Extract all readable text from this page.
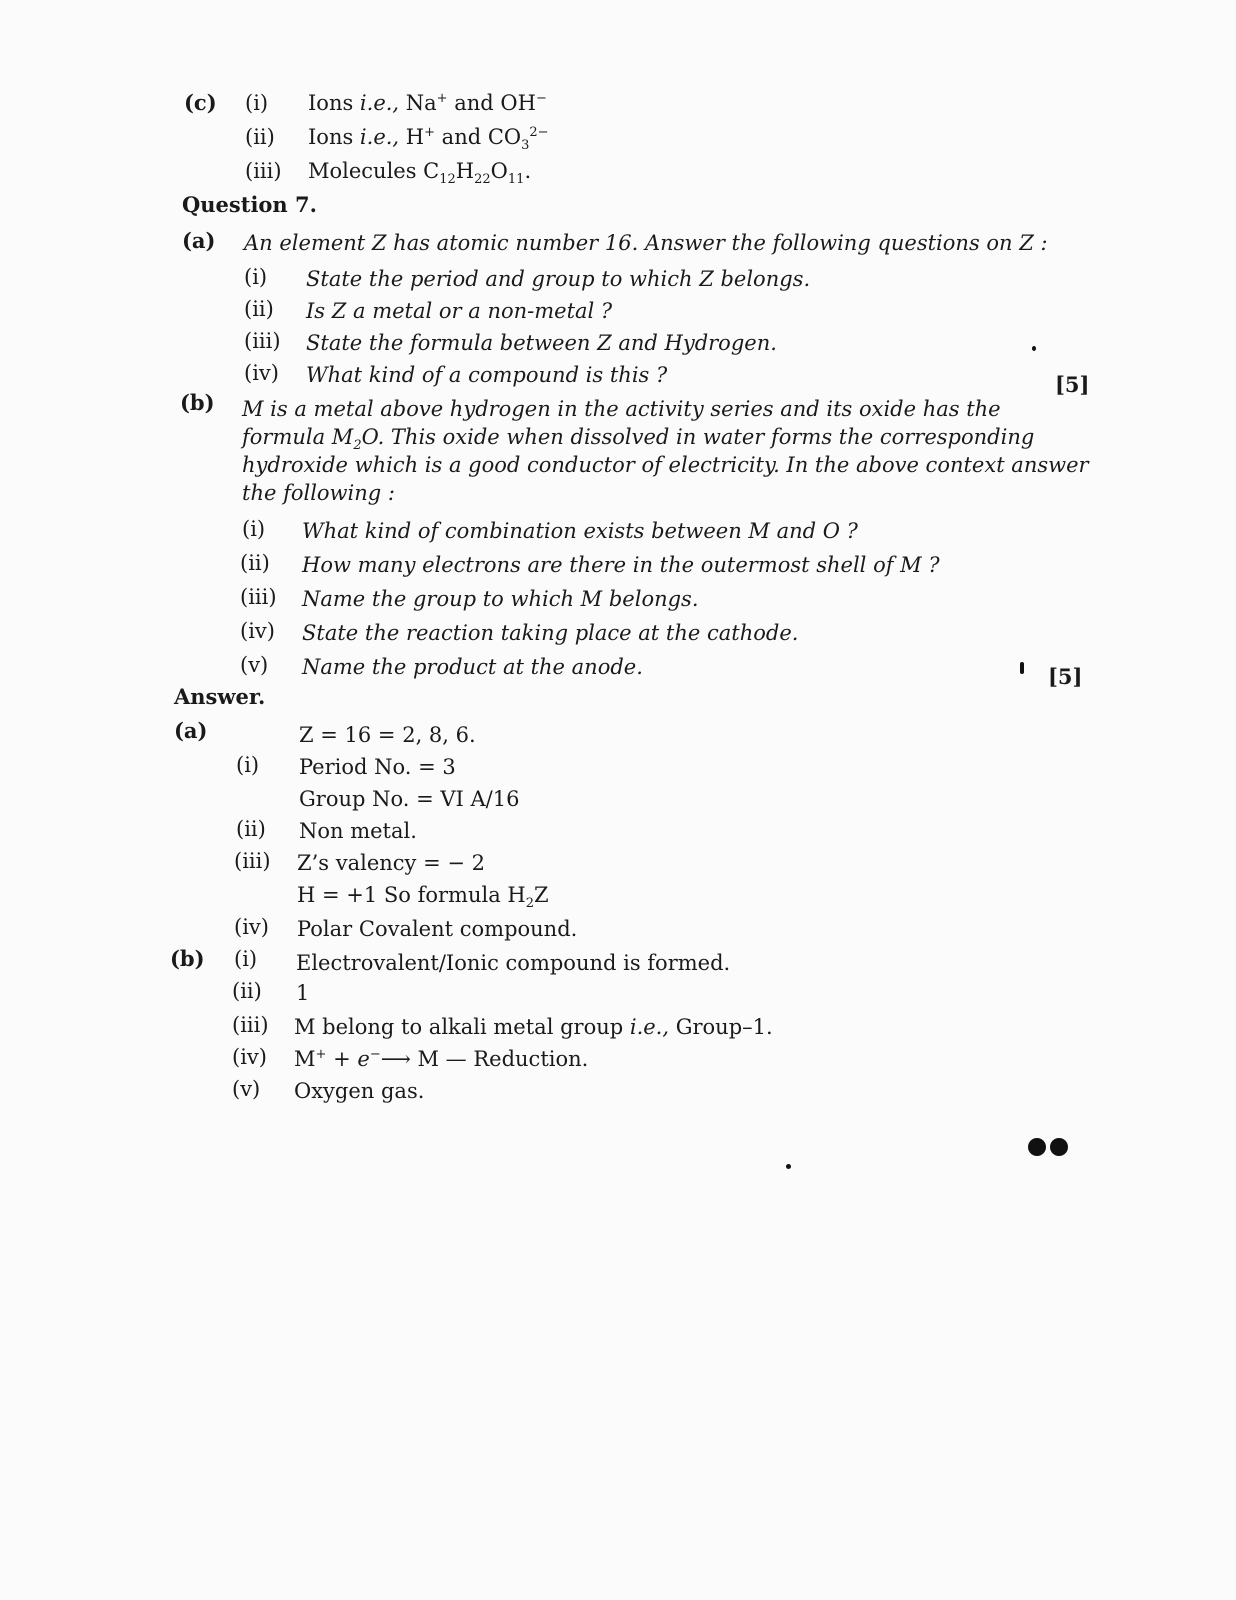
(c) (i) Ions i.e., Na+ and OH−
(ii) Ions i.e., H+ and $CO_3^{2-}$
(iii) Molecules $C_{12}H_{22}O_{11}$.
Question 7.
(a) An element Z has atomic number 16. Answer the following questions on Z :
(i) State the period and group to which Z belongs.
(ii) Is Z a metal or a non-metal ?
(iii) State the formula between Z and Hydrogen.
(iv) What kind of a compound is this ?	[5]
(b) M is a metal above hydrogen in the activity series and its oxide has the
formula $M_2O$. This oxide when dissolved in water forms the corresponding
hydroxide which is a good conductor of electricity. In the above context answer
the following :
(i) What kind of combination exists between M and O ?
(ii) How many electrons are there in the outermost shell of M ?
(iii) Name the group to which M belongs.
(iv) State the reaction taking place at the cathode.
(v) Name the product at the anode.	[5]
Answer.
(a)	Z = 16 = 2, 8, 6.
(i) Period No. = 3
Group No. = VI A/16
(ii) Non metal.
(iii) Z’s valency = − 2
H = +1 So formula $H_2Z$
(iv) Polar Covalent compound.
(b) (i) Electrovalent/Ionic compound is formed.
(ii) 1
(iii) M belong to alkali metal group i.e., Group–1.
(iv) M+ + e−⟶ M — Reduction.
(v) Oxygen gas.
